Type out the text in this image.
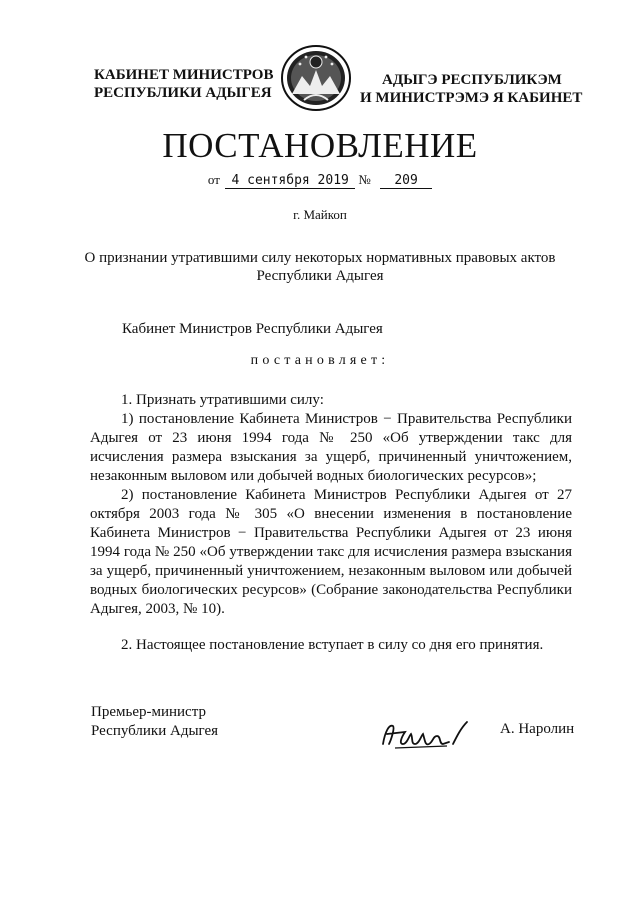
КАБИНЕТ МИНИСТРОВ
РЕСПУБЛИКИ АДЫГЕЯ
АДЫГЭ РЕСПУБЛИКЭМ
И МИНИСТРЭМЭ Я КАБИНЕТ
ПОСТАНОВЛЕНИЕ
от 4 сентября 2019 № 209
г. Майкоп
О признании утратившими силу некоторых нормативных правовых актов
Республики Адыгея
Кабинет Министров Республики Адыгея
постановляет:

1. Признать утратившими силу:

1) постановление Кабинета Министров − Правительства Республики Адыгея от 23 июня 1994 года № 250 «Об утверждении такс для исчисления размера взыскания за ущерб, причиненный уничтожением, незаконным выловом или добычей водных биологических ресурсов»;

2) постановление Кабинета Министров Республики Адыгея от 27 октября 2003 года № 305 «О внесении изменения в постановление Кабинета Министров − Правительства Республики Адыгея от 23 июня 1994 года № 250 «Об утверждении такс для исчисления размера взыскания за ущерб, причиненный уничтожением, незаконным выловом или добычей водных биологических ресурсов» (Собрание законодательства Республики Адыгея, 2003, № 10).

2. Настоящее постановление вступает в силу со дня его принятия.

Премьер-министр
Республики Адыгея	А. Наролин
